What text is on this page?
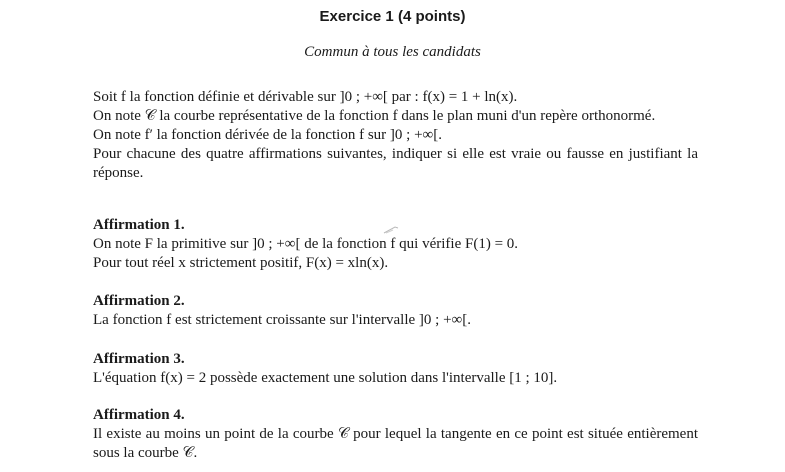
Exercice 1 (4 points)
Commun à tous les candidats

Soit f la fonction définie et dérivable sur ]0 ; +∞[ par : f(x) = 1 + ln(x).

On note 𝒞 la courbe représentative de la fonction f dans le plan muni d'un repère orthonormé.

On note f′ la fonction dérivée de la fonction f sur ]0 ; +∞[.

Pour chacune des quatre affirmations suivantes, indiquer si elle est vraie ou fausse en justifiant la réponse.

Affirmation 1.

On note F la primitive sur ]0 ; +∞[ de la fonction f qui vérifie F(1) = 0.

Pour tout réel x strictement positif, F(x) = xln(x).

Affirmation 2.

La fonction f est strictement croissante sur l'intervalle ]0 ; +∞[.

Affirmation 3.

L'équation f(x) = 2 possède exactement une solution dans l'intervalle [1 ; 10].

Affirmation 4.

Il existe au moins un point de la courbe 𝒞 pour lequel la tangente en ce point est située entièrement sous la courbe 𝒞.
